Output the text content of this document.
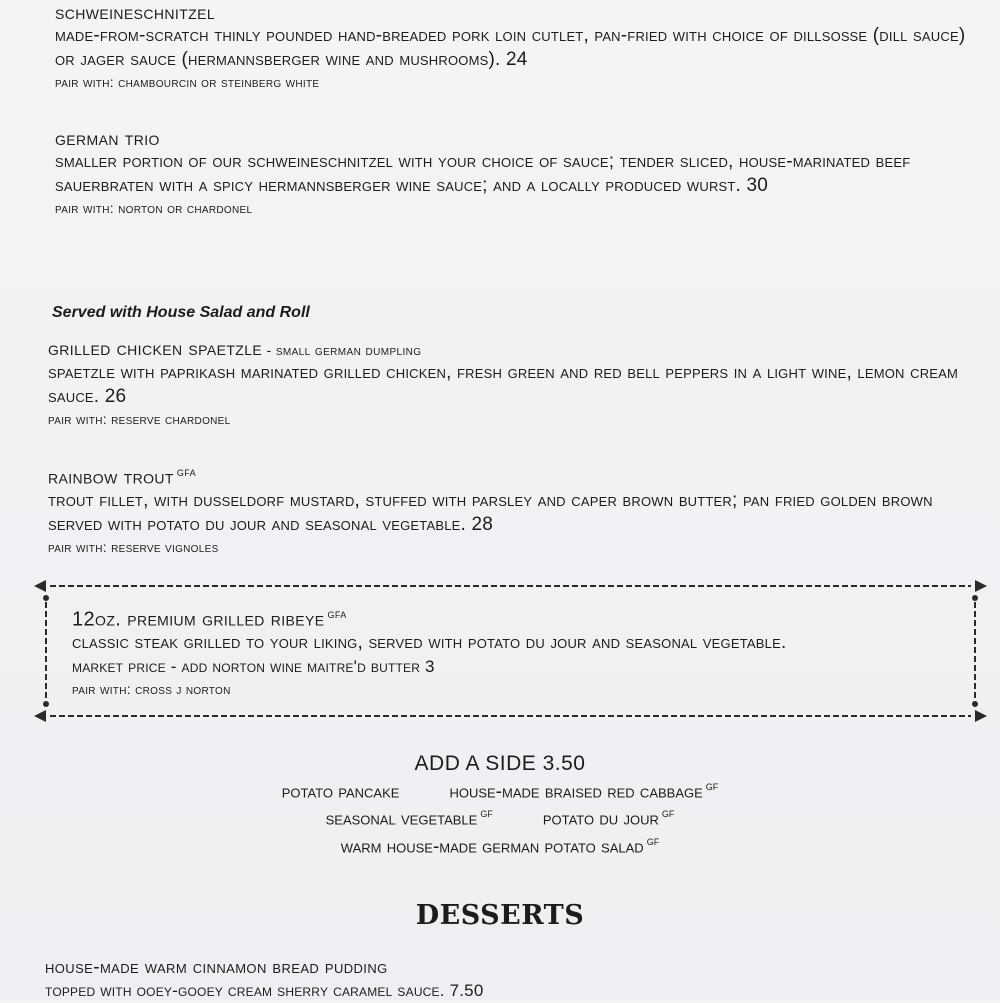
schweineschnitzel
made-from-scratch thinly pounded hand-breaded pork loin cutlet, pan-fried with choice of dillsoße (dill sauce) or jager sauce (hermannsberger wine and mushrooms). 24
pair with: chambourcin or steinberg white
german trio
smaller portion of our schweineschnitzel with your choice of sauce; tender sliced, house-marinated beef sauerbraten with a spicy hermannsberger wine sauce; and a locally produced wurst. 30
pair with: norton or chardonel
Served with House Salad and Roll
grilled chicken spaetzle - small german dumpling
spaetzle with paprikash marinated grilled chicken, fresh green and red bell peppers in a light wine, lemon cream sauce. 26
pair with: reserve chardonel
rainbow trout $^{GFA}$
trout fillet, with dusseldorf mustard, stuffed with parsley and caper brown butter; pan fried golden brown served with potato du jour and seasonal vegetable. 28
pair with: reserve vignoles
12oz. premium grilled ribeye $^{GFA}$
classic steak grilled to your liking, served with potato du jour and seasonal vegetable.
market price - add norton wine maitre'd butter 3
pair with: cross j norton
ADD A SIDE 3.50
potato pancake	house-made braised red cabbage $^{GF}$
seasonal vegetable $^{GF}$	potato du jour $^{GF}$
warm house-made german potato salad $^{GF}$
DESSERTS
house-made warm cinnamon bread pudding
topped with ooey-gooey cream sherry caramel sauce. 7.50
